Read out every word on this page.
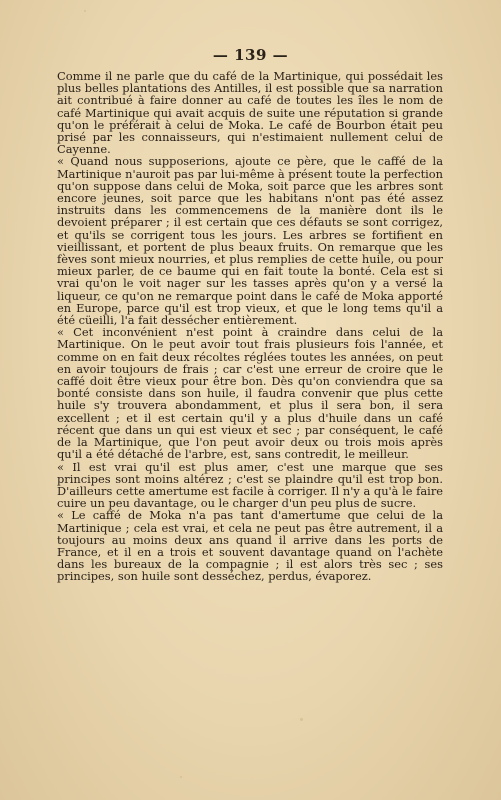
— 139 —

Comme il ne parle que du café de la Martinique, qui possédait les plus belles plantations des Antilles, il est possible que sa narration ait contribué à faire donner au café de toutes les îles le nom de café Martinique qui avait acquis de suite une réputation si grande qu'on le préférait à celui de Moka. Le café de Bourbon était peu prisé par les connaisseurs, qui n'estimaient nullement celui de Cayenne.

« Quand nous supposerions, ajoute ce père, que le caffé de la Martinique n'auroit pas par lui-même à présent toute la perfection qu'on suppose dans celui de Moka, soit parce que les arbres sont encore jeunes, soit parce que les habitans n'ont pas été assez instruits dans les commencemens de la manière dont ils le devoient préparer ; il est certain que ces défauts se sont corrigez, et qu'ils se corrigent tous les jours. Les arbres se fortifient en vieillissant, et portent de plus beaux fruits. On remarque que les fèves sont mieux nourries, et plus remplies de cette huile, ou pour mieux parler, de ce baume qui en fait toute la bonté. Cela est si vrai qu'on le voit nager sur les tasses après qu'on y a versé la liqueur, ce qu'on ne remarque point dans le café de Moka apporté en Europe, parce qu'il est trop vieux, et que le long tems qu'il a été cüeilli, l'a fait dessécher entièrement.

« Cet inconvénient n'est point à craindre dans celui de la Martinique. On le peut avoir tout frais plusieurs fois l'année, et comme on en fait deux récoltes réglées toutes les années, on peut en avoir toujours de frais ; car c'est une erreur de croire que le caffé doit être vieux pour être bon. Dès qu'on conviendra que sa bonté consiste dans son huile, il faudra convenir que plus cette huile s'y trouvera abondamment, et plus il sera bon, il sera excellent ; et il est certain qu'il y a plus d'huile dans un café récent que dans un qui est vieux et sec ; par conséquent, le café de la Martinique, que l'on peut avoir deux ou trois mois après qu'il a été détaché de l'arbre, est, sans contredit, le meilleur.

« Il est vrai qu'il est plus amer, c'est une marque que ses principes sont moins altérez ; c'est se plaindre qu'il est trop bon. D'ailleurs cette amertume est facile à corriger. Il n'y a qu'à le faire cuire un peu davantage, ou le charger d'un peu plus de sucre.

« Le caffé de Moka n'a pas tant d'amertume que celui de la Martinique ; cela est vrai, et cela ne peut pas être autrement, il a toujours au moins deux ans quand il arrive dans les ports de France, et il en a trois et souvent davantage quand on l'achète dans les bureaux de la compagnie ; il est alors très sec ; ses principes, son huile sont desséchez, perdus, évaporez.
